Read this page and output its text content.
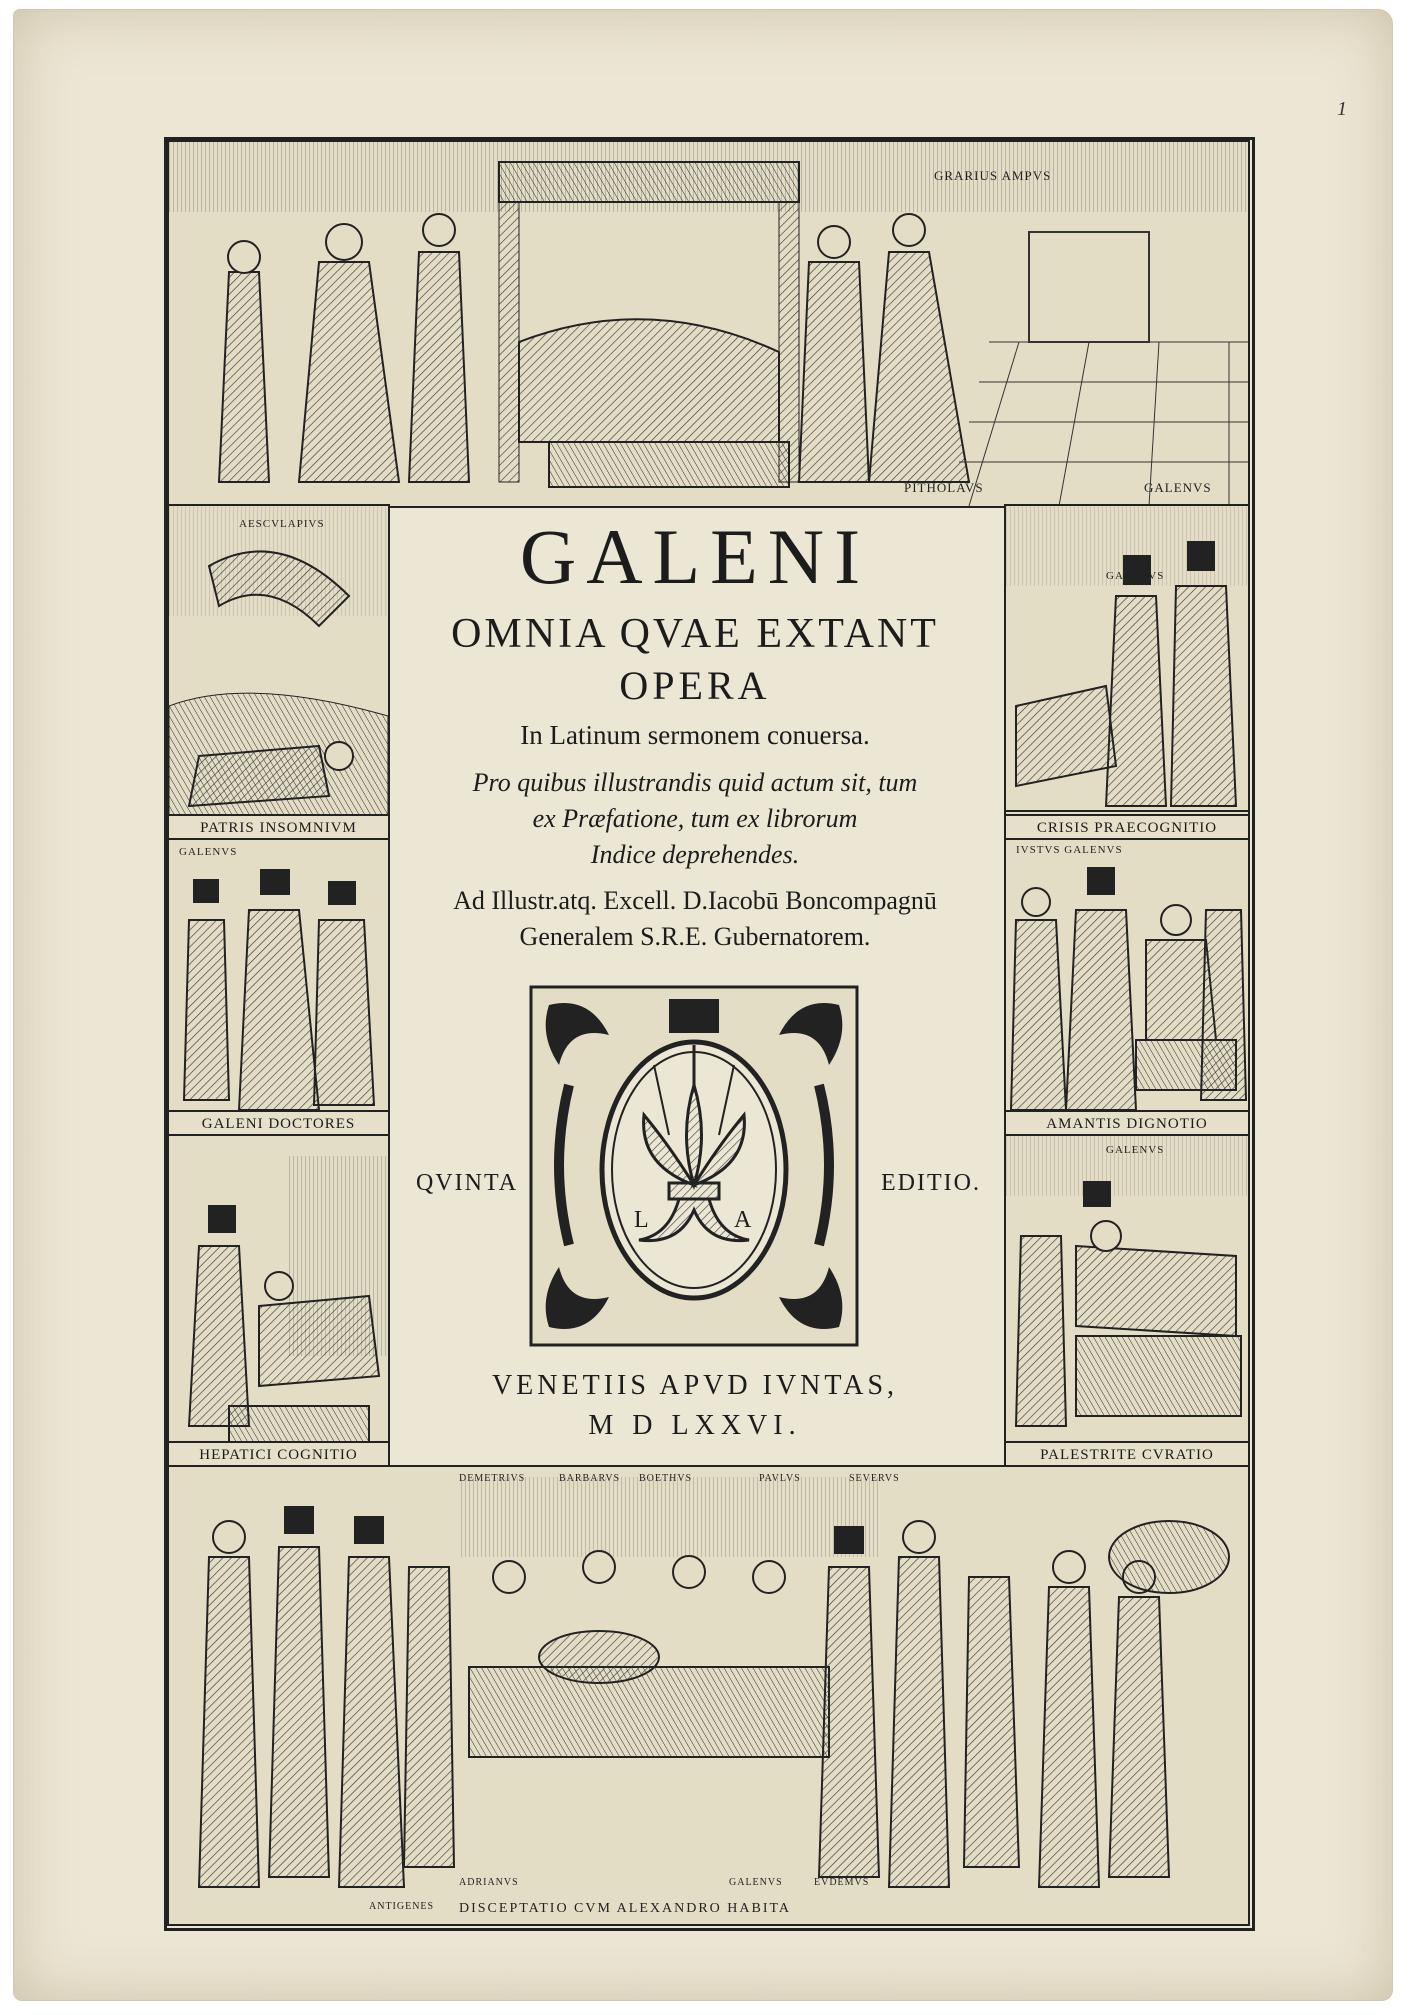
1
GRARIUS AMPVS
PITHOLAVS	GALENVS
AESCVLAPIVS
PATRIS INSOMNIVM
GALENVS
GALENI DOCTORES
HEPATICI COGNITIO
GALENVS
CRISIS PRAECOGNITIO
IVSTVS GALENVS
AMANTIS DIGNOTIO
GALENVS
PALESTRITE CVRATIO
DEMETRIVS	BARBARVS BOETHVS	PAVLVS	SEVERVS
ADRIANVS	GALENVS	EVDEMVS
ANTIGENES DISCEPTATIO CVM ALEXANDRO HABITA
GALENI
OMNIA QVAE EXTANT
OPERA
In Latinum sermonem conuersa.
Pro quibus illustrandis quid actum sit, tum
ex Præfatione, tum ex librorum
Indice deprehendes.
Ad Illustr.atq. Excell. D.Iacobū Boncompagnū
Generalem S.R.E. Gubernatorem.
QVINTA	EDITIO.
L	A
VENETIIS APVD IVNTAS,
M D LXXVI.
